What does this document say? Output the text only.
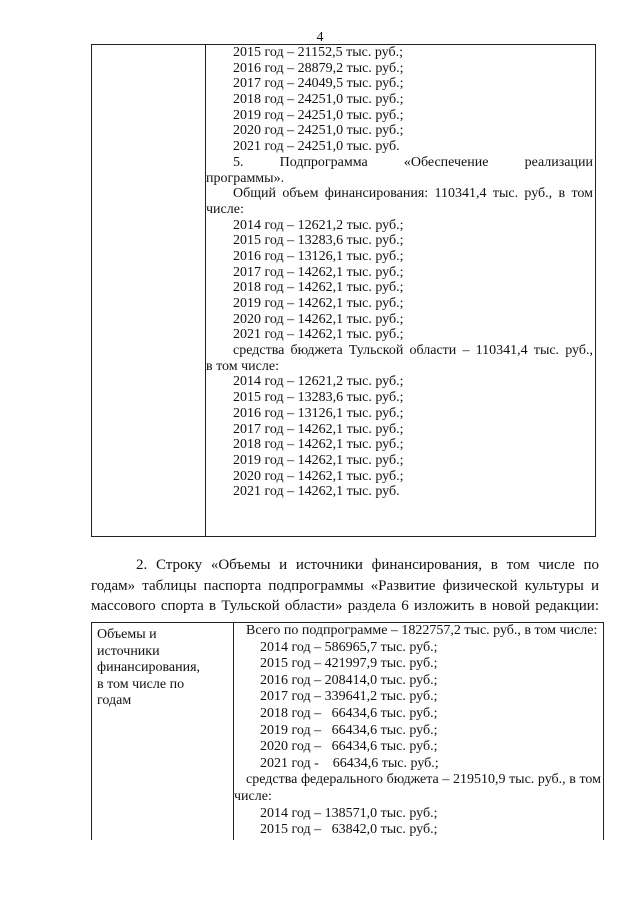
4
2015 год – 21152,5 тыс. руб.;
2016 год – 28879,2 тыс. руб.;
2017 год – 24049,5 тыс. руб.;
2018 год – 24251,0 тыс. руб.;
2019 год – 24251,0 тыс. руб.;
2020 год – 24251,0 тыс. руб.;
2021 год – 24251,0 тыс. руб.
5. Подпрограмма «Обеспечение реализации
программы».
Общий объем финансирования: 110341,4 тыс. руб., в том
числе:
2014 год – 12621,2 тыс. руб.;
2015 год – 13283,6 тыс. руб.;
2016 год – 13126,1 тыс. руб.;
2017 год – 14262,1 тыс. руб.;
2018 год – 14262,1 тыс. руб.;
2019 год – 14262,1 тыс. руб.;
2020 год – 14262,1 тыс. руб.;
2021 год – 14262,1 тыс. руб.;
средства бюджета Тульской области – 110341,4 тыс. руб.,
в том числе:
2014 год – 12621,2 тыс. руб.;
2015 год – 13283,6 тыс. руб.;
2016 год – 13126,1 тыс. руб.;
2017 год – 14262,1 тыс. руб.;
2018 год – 14262,1 тыс. руб.;
2019 год – 14262,1 тыс. руб.;
2020 год – 14262,1 тыс. руб.;
2021 год – 14262,1 тыс. руб.
2. Строку «Объемы и источники финансирования, в том числе по
годам» таблицы паспорта подпрограммы «Развитие физической культуры и
массового спорта в Тульской области» раздела 6 изложить в новой редакции:
Объемы и
источники
финансирования,
в том числе по
годам
Всего по подпрограмме – 1822757,2 тыс. руб., в том числе:
2014 год – 586965,7 тыс. руб.;
2015 год – 421997,9 тыс. руб.;
2016 год – 208414,0 тыс. руб.;
2017 год – 339641,2 тыс. руб.;
2018 год –   66434,6 тыс. руб.;
2019 год –   66434,6 тыс. руб.;
2020 год –   66434,6 тыс. руб.;
2021 год -    66434,6 тыс. руб.;
средства федерального бюджета – 219510,9 тыс. руб., в том
числе:
2014 год – 138571,0 тыс. руб.;
2015 год –   63842,0 тыс. руб.;
